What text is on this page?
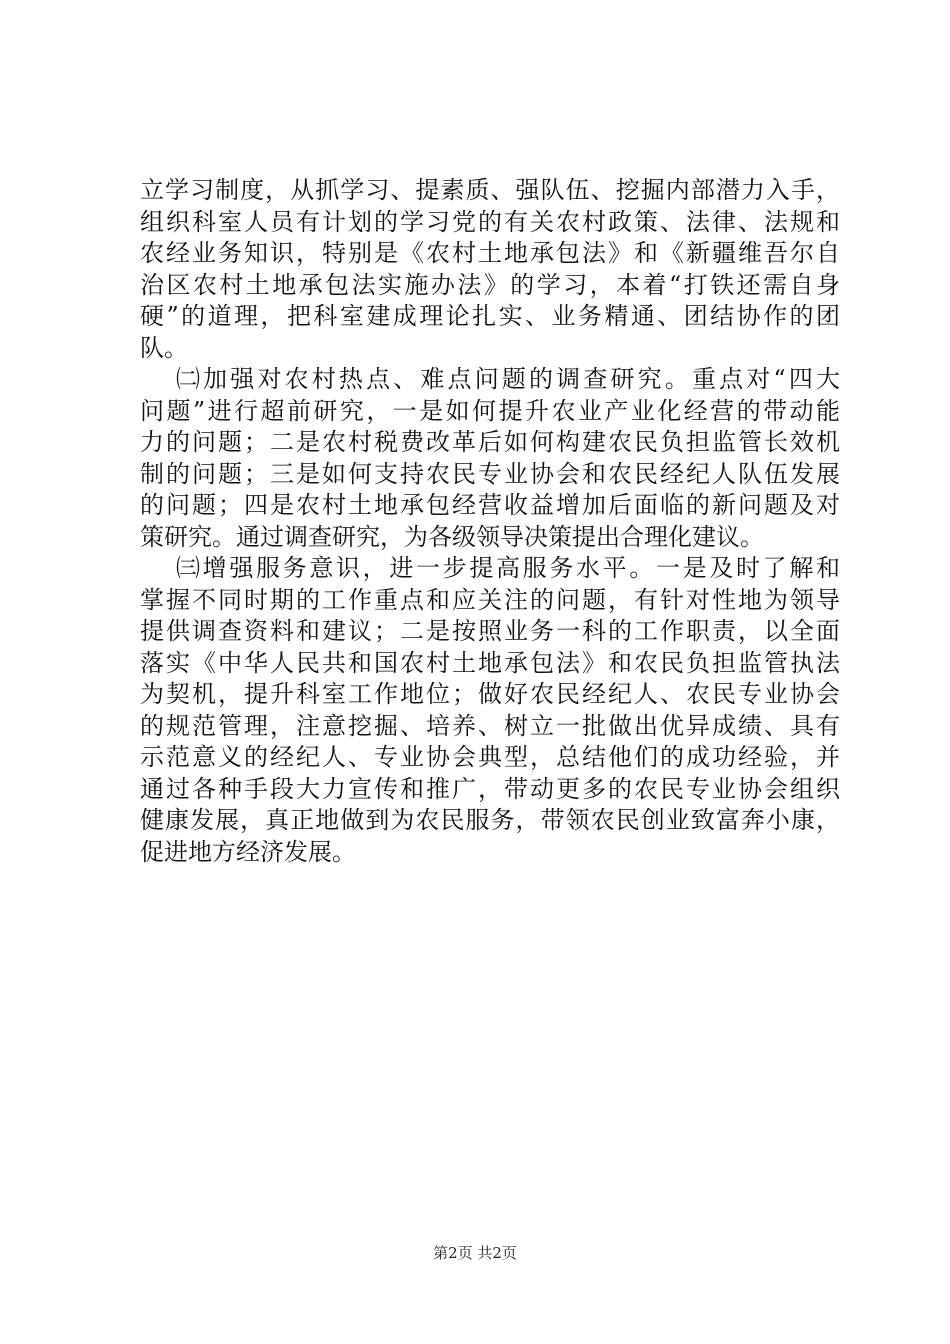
立学习制度，从抓学习、提素质、强队伍、挖掘内部潜力入手，
组织科室人员有计划的学习党的有关农村政策、法律、法规和
农经业务知识，特别是《农村土地承包法》和《新疆维吾尔自
治区农村土地承包法实施办法》的学习，本着“打铁还需自身
硬”的道理，把科室建成理论扎实、业务精通、团结协作的团
队。
㈡加强对农村热点、难点问题的调查研究。重点对“四大
问题”进行超前研究，一是如何提升农业产业化经营的带动能
力的问题；二是农村税费改革后如何构建农民负担监管长效机
制的问题；三是如何支持农民专业协会和农民经纪人队伍发展
的问题；四是农村土地承包经营收益增加后面临的新问题及对
策研究。通过调查研究，为各级领导决策提出合理化建议。
㈢增强服务意识，进一步提高服务水平。一是及时了解和
掌握不同时期的工作重点和应关注的问题，有针对性地为领导
提供调查资料和建议；二是按照业务一科的工作职责，以全面
落实《中华人民共和国农村土地承包法》和农民负担监管执法
为契机，提升科室工作地位；做好农民经纪人、农民专业协会
的规范管理，注意挖掘、培养、树立一批做出优异成绩、具有
示范意义的经纪人、专业协会典型，总结他们的成功经验，并
通过各种手段大力宣传和推广，带动更多的农民专业协会组织
健康发展，真正地做到为农民服务，带领农民创业致富奔小康，
促进地方经济发展。
第2页 共2页
